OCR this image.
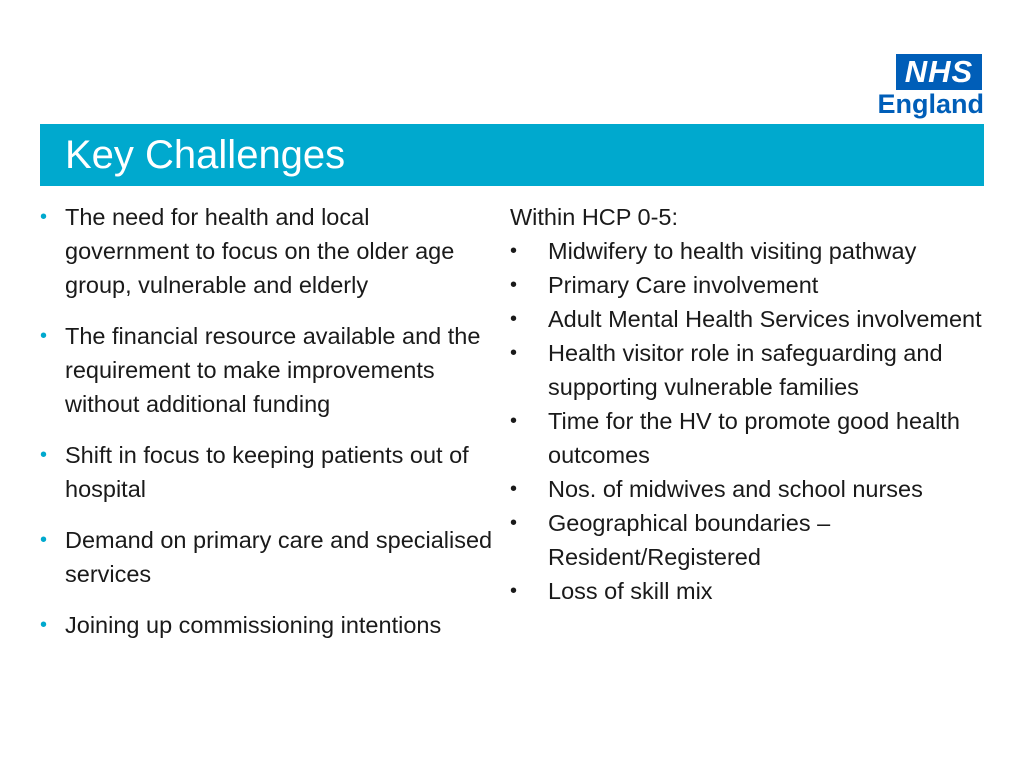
NHS
England
Key Challenges
• The need for health and local government to focus on the older age group, vulnerable and elderly
• The financial resource available and the requirement to make improvements without additional funding
• Shift in focus to keeping patients out of hospital
• Demand on primary care and specialised services
• Joining up commissioning intentions

Within HCP 0-5:

• Midwifery to health visiting pathway
• Primary Care involvement
• Adult Mental Health Services involvement
• Health visitor role in safeguarding and supporting vulnerable families
• Time for the HV to promote good health outcomes
• Nos. of midwives and school nurses
• Geographical boundaries – Resident/Registered
• Loss of skill mix
